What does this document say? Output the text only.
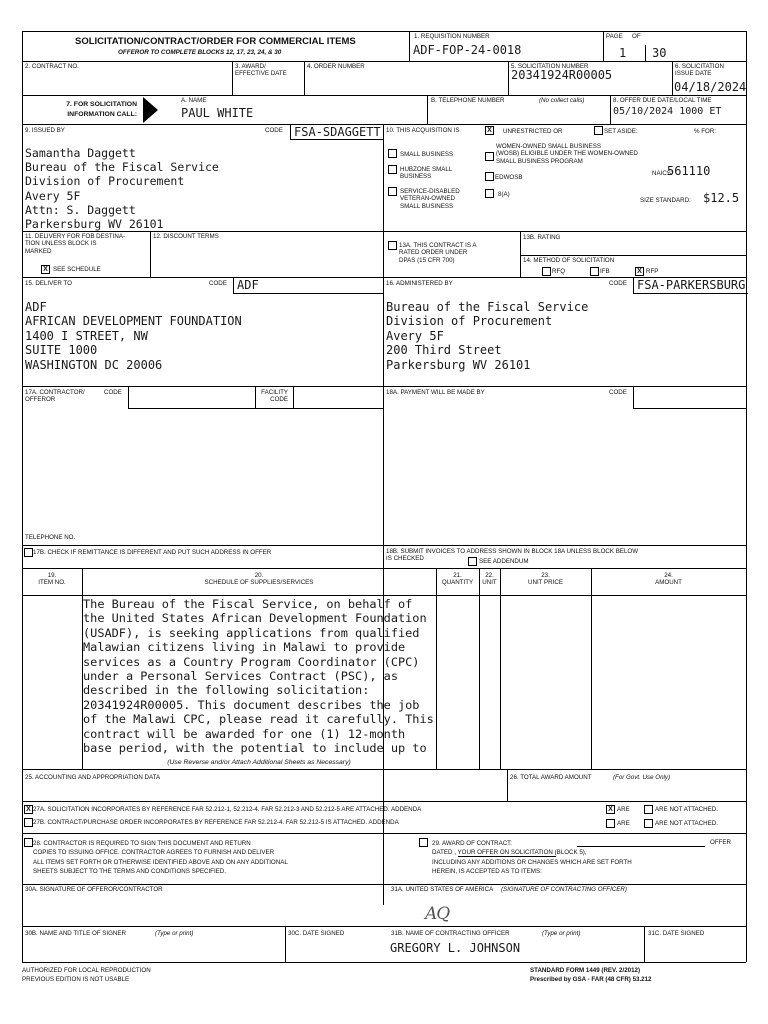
SOLICITATION/CONTRACT/ORDER FOR COMMERCIAL ITEMS
OFFEROR TO COMPLETE BLOCKS 12, 17, 23, 24, & 30
1. REQUISITION NUMBER
ADF-FOP-24-0018
PAGE OF
1 30
2. CONTRACT NO.	3. AWARD/
EFFECTIVE DATE
4. ORDER NUMBER	5. SOLICITATION NUMBER
20341924R00005
6. SOLICITATION
ISSUE DATE
04/18/2024
7. FOR SOLICITATION
INFORMATION CALL:
A. NAME
PAUL WHITE
B. TELEPHONE NUMBER	(No collect calls)	8. OFFER DUE DATE/LOCAL TIME
05/10/2024 1000 ET
9. ISSUED BY	CODE FSA-SDAGGETT
Samantha Daggett
Bureau of the Fiscal Service
Division of Procurement
Avery 5F
Attn: S. Daggett
Parkersburg WV 26101
10. THIS ACQUISITION IS X	UNRESTRICTED OR	SET ASIDE:	% FOR:
SMALL BUSINESS
WOMEN-OWNED SMALL BUSINESS
(WOSB) ELIGIBLE UNDER THE WOMEN-OWNED
SMALL BUSINESS PROGRAM
HUBZONE SMALL
BUSINESS	EDWOSB
SERVICE-DISABLED
VETERAN-OWNED
SMALL BUSINESS
8(A)
NAICS:
561110
SIZE STANDARD: $12.5
11. DELIVERY FOR FOB DESTINA-
TION UNLESS BLOCK IS
MARKED
X
SEE SCHEDULE
12. DISCOUNT TERMS
13A. THIS CONTRACT IS A
RATED ORDER UNDER
DPAS (15 CFR 700)
13B. RATING
14. METHOD OF SOLICITATION
RFQ	IFB X	RFP
15. DELIVER TO	CODE ADF
ADF
AFRICAN DEVELOPMENT FOUNDATION
1400 I STREET, NW
SUITE 1000
WASHINGTON DC 20006
16. ADMINISTERED BY	CODE FSA-PARKERSBURG
Bureau of the Fiscal Service
Division of Procurement
Avery 5F
200 Third Street
Parkersburg WV 26101
17A. CONTRACTOR/
OFFEROR
CODE	FACILITY
CODE
TELEPHONE NO.
17B. CHECK IF REMITTANCE IS DIFFERENT AND PUT SUCH ADDRESS IN OFFER
18A. PAYMENT WILL BE MADE BY	CODE
18B. SUBMIT INVOICES TO ADDRESS SHOWN IN BLOCK 18A UNLESS BLOCK BELOW
IS CHECKED	SEE ADDENDUM
19.
ITEM NO.
20.
SCHEDULE OF SUPPLIES/SERVICES
21.
QUANTITY
22.
UNIT
23.
UNIT PRICE
24.
AMOUNT
The Bureau of the Fiscal Service, on behalf of
the United States African Development Foundation
(USADF), is seeking applications from qualified
Malawian citizens living in Malawi to provide
services as a Country Program Coordinator (CPC)
under a Personal Services Contract (PSC), as
described in the following solicitation:
20341924R00005. This document describes the job
of the Malawi CPC, please read it carefully. This
contract will be awarded for one (1) 12-month
base period, with the potential to include up to
(Use Reverse and/or Attach Additional Sheets as Necessary)
25. ACCOUNTING AND APPROPRIATION DATA	26. TOTAL AWARD AMOUNT	(For Govt. Use Only)
X
27A. SOLICITATION INCORPORATES BY REFERENCE FAR 52.212-1, 52.212-4. FAR 52.212-3 AND 52.212-5 ARE ATTACHED. ADDENDA X	ARE	ARE NOT ATTACHED.
27B. CONTRACT/PURCHASE ORDER INCORPORATES BY REFERENCE FAR 52.212-4. FAR 52.212-5 IS ATTACHED. ADDENDA	ARE	ARE NOT ATTACHED.
28. CONTRACTOR IS REQUIRED TO SIGN THIS DOCUMENT AND RETURN
COPIES TO ISSUING OFFICE. CONTRACTOR AGREES TO FURNISH AND DELIVER
ALL ITEMS SET FORTH OR OTHERWISE IDENTIFIED ABOVE AND ON ANY ADDITIONAL
SHEETS SUBJECT TO THE TERMS AND CONDITIONS SPECIFIED.
29. AWARD OF CONTRACT:
DATED , YOUR OFFER ON SOLICITATION (BLOCK 5),
INCLUDING ANY ADDITIONS OR CHANGES WHICH ARE SET FORTH
HEREIN, IS ACCEPTED AS TO ITEMS:
OFFER
30A. SIGNATURE OF OFFEROR/CONTRACTOR	31A. UNITED STATES OF AMERICA (SIGNATURE OF CONTRACTING OFFICER)
AQ
30B. NAME AND TITLE OF SIGNER	(Type or print)	30C. DATE SIGNED	31B. NAME OF CONTRACTING OFFICER	(Type or print)
GREGORY L. JOHNSON
31C. DATE SIGNED
AUTHORIZED FOR LOCAL REPRODUCTION
PREVIOUS EDITION IS NOT USABLE
STANDARD FORM 1449 (REV. 2/2012)
Prescribed by GSA - FAR (48 CFR) 53.212
